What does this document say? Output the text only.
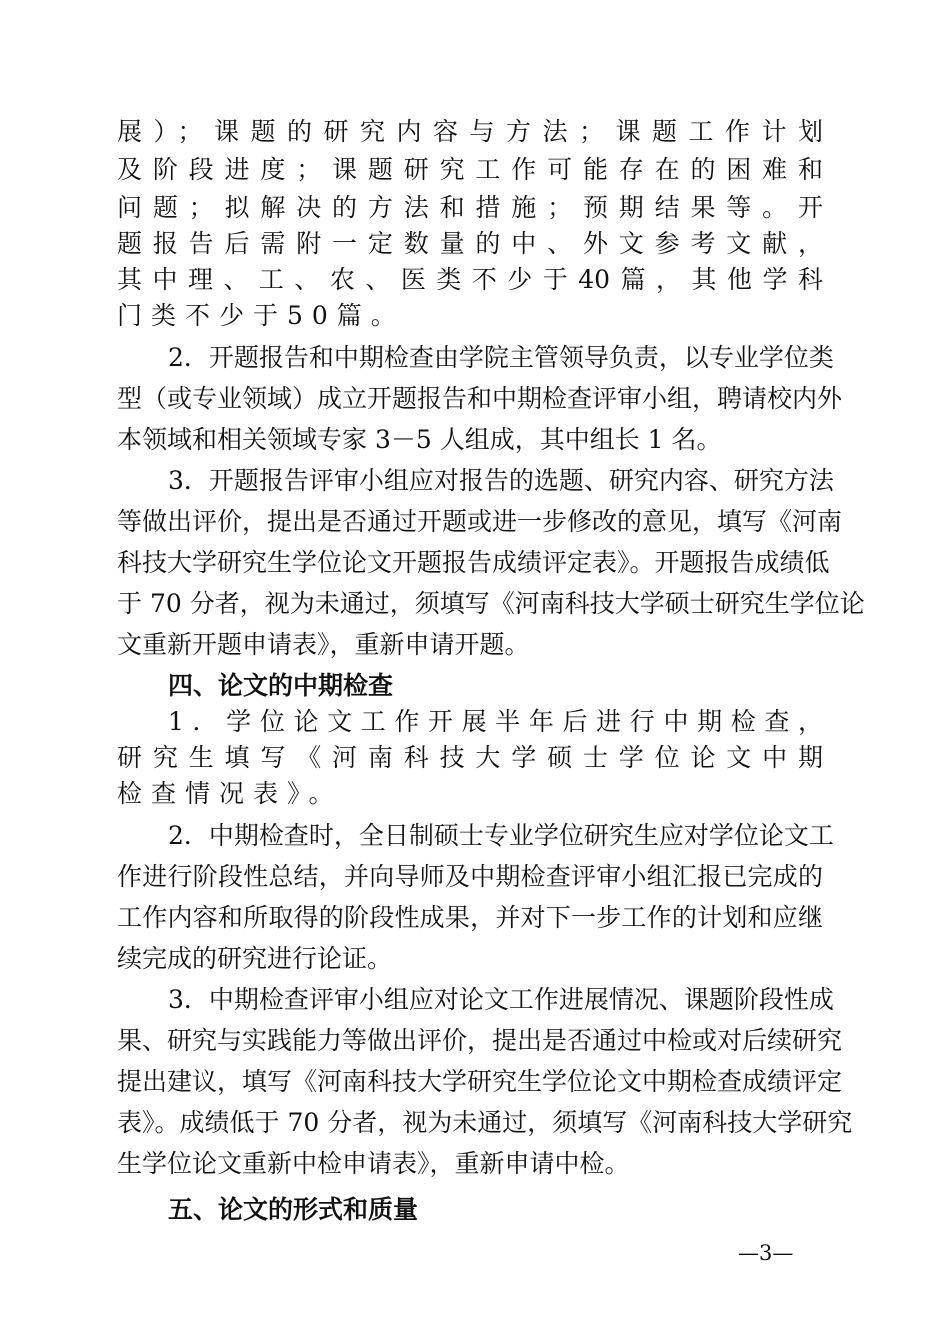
展）；课题的研究内容与方法；课题工作计划
及阶段进度；课题研究工作可能存在的困难和
问题；拟解决的方法和措施；预期结果等。开
题报告后需附一定数量的中、外文参考文献，
其中理、工、农、医类不少于40篇，其他学科
门类不少于50篇。
2．开题报告和中期检查由学院主管领导负责，以专业学位类
型（或专业领域）成立开题报告和中期检查评审小组，聘请校内外
本领域和相关领域专家 3－5 人组成，其中组长 1 名。
3．开题报告评审小组应对报告的选题、研究内容、研究方法
等做出评价，提出是否通过开题或进一步修改的意见，填写《河南
科技大学研究生学位论文开题报告成绩评定表》。开题报告成绩低
于 70 分者，视为未通过，须填写《河南科技大学硕士研究生学位论
文重新开题申请表》，重新申请开题。
四、论文的中期检查
1．学位论文工作开展半年后进行中期检查，
研究生填写《河南科技大学硕士学位论文中期
检查情况表》。
2．中期检查时，全日制硕士专业学位研究生应对学位论文工
作进行阶段性总结，并向导师及中期检查评审小组汇报已完成的
工作内容和所取得的阶段性成果，并对下一步工作的计划和应继
续完成的研究进行论证。
3．中期检查评审小组应对论文工作进展情况、课题阶段性成
果、研究与实践能力等做出评价，提出是否通过中检或对后续研究
提出建议，填写《河南科技大学研究生学位论文中期检查成绩评定
表》。成绩低于 70 分者，视为未通过，须填写《河南科技大学研究
生学位论文重新中检申请表》，重新申请中检。
五、论文的形式和质量
—3—
